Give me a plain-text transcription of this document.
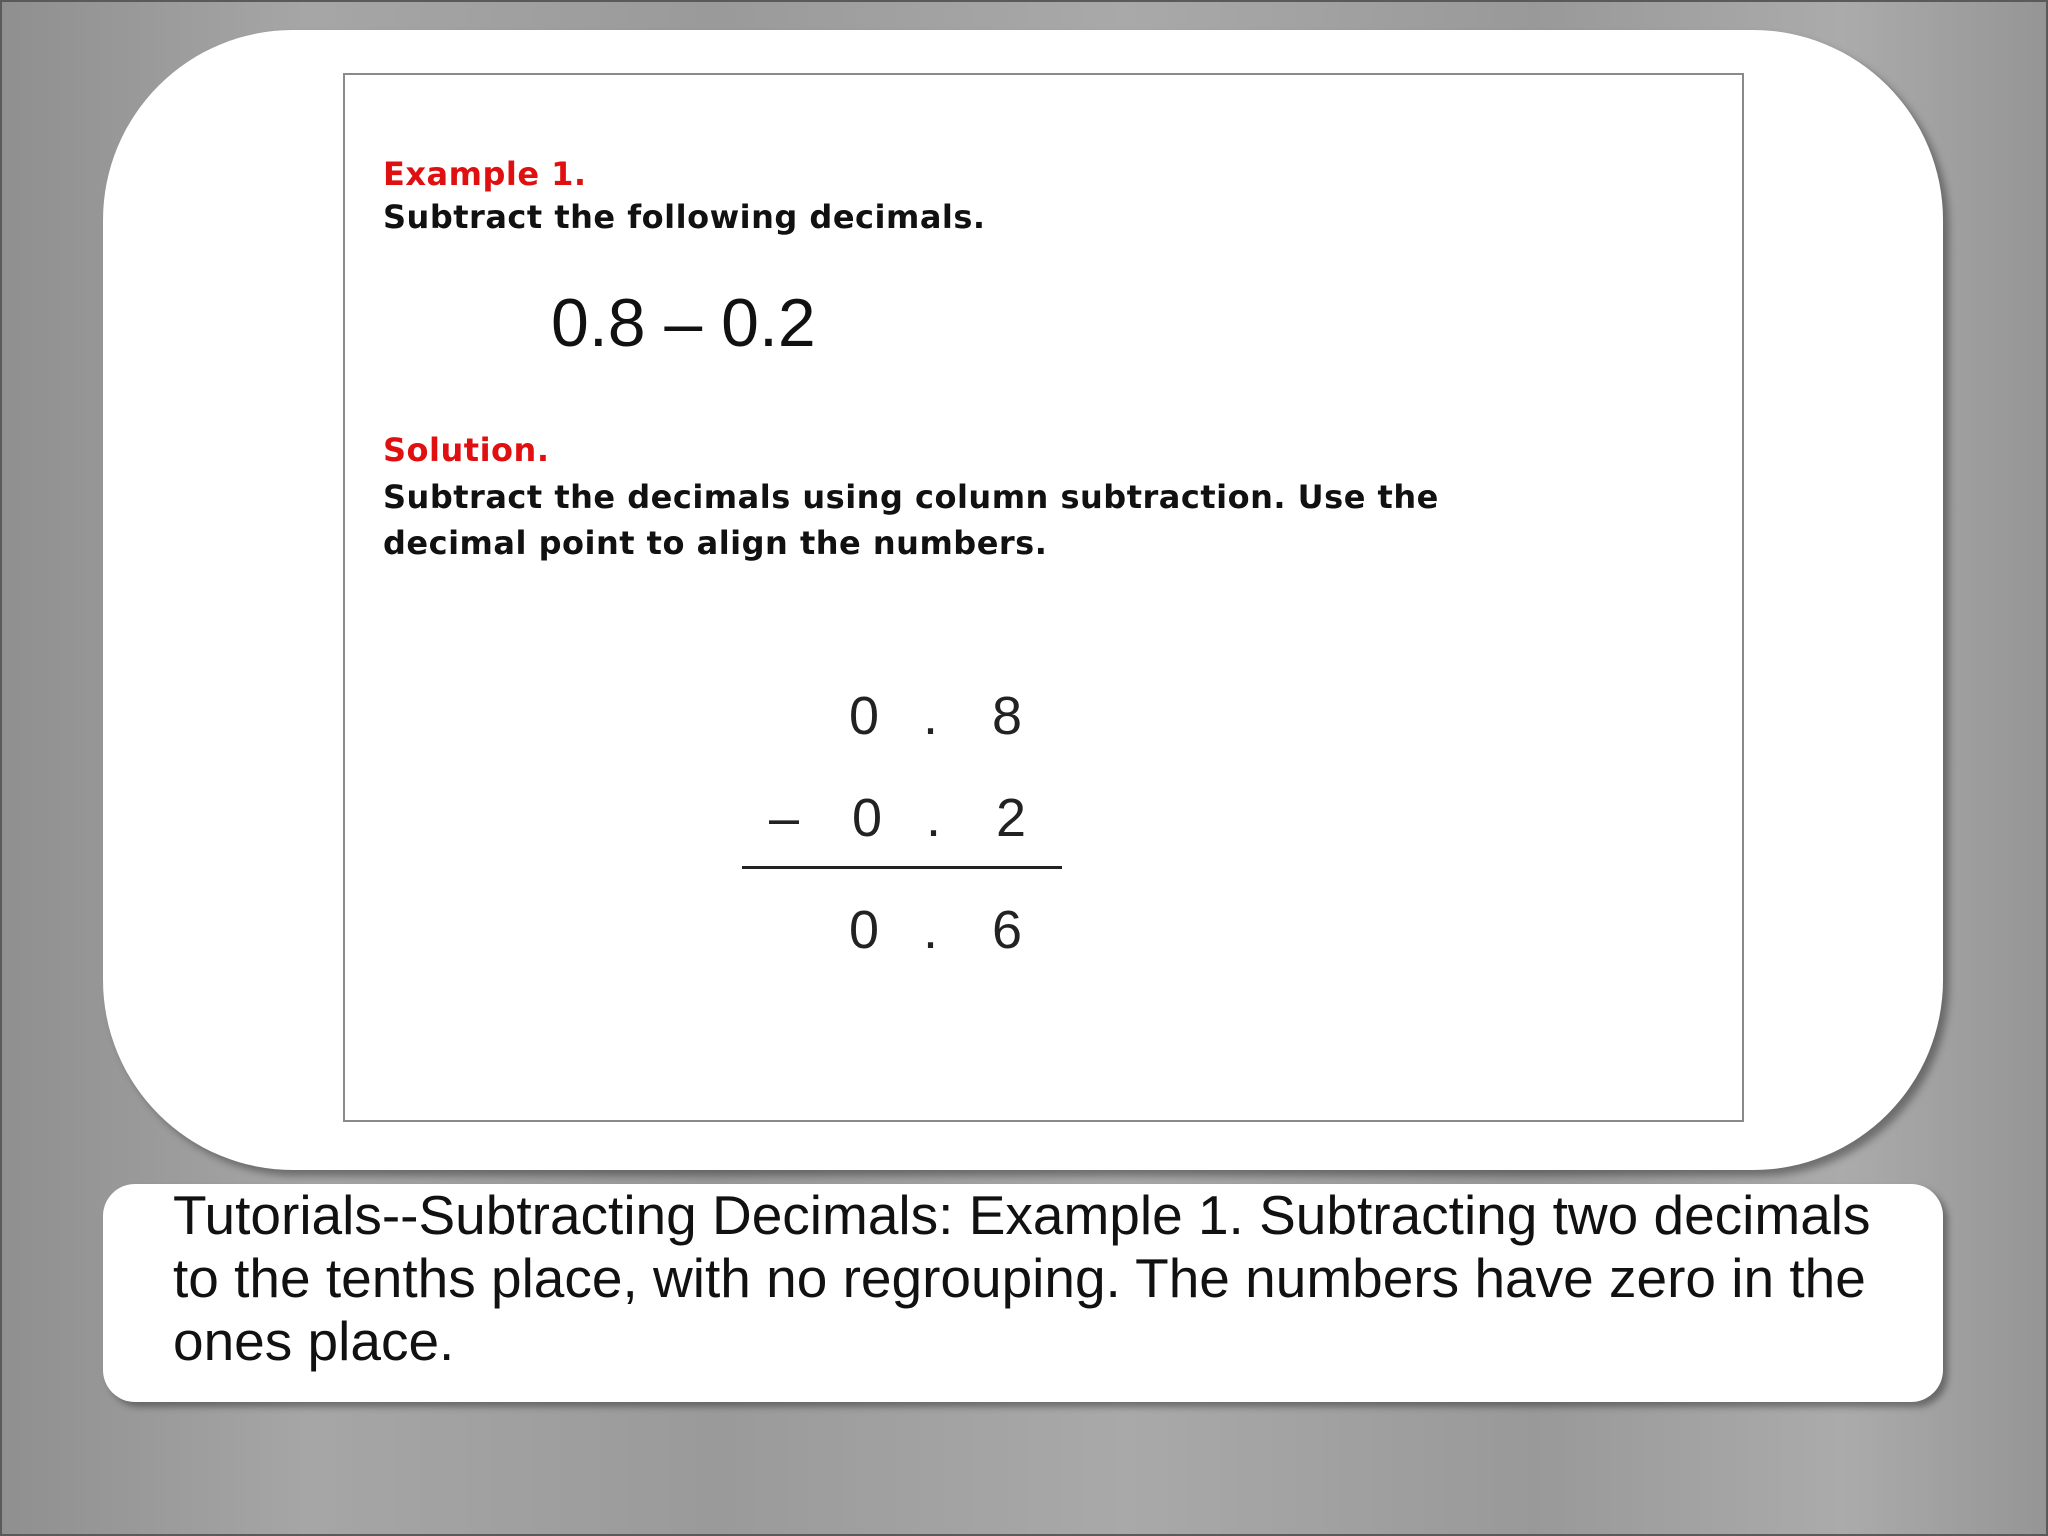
Example 1.
Subtract the following decimals.
0.8 – 0.2
Solution.
Subtract the decimals using column subtraction. Use the decimal point to align the numbers.
0 . 8
– 0 . 2
0 . 6
Tutorials--Subtracting Decimals: Example 1. Subtracting two decimals to the tenths place, with no regrouping. The numbers have zero in the ones place.
